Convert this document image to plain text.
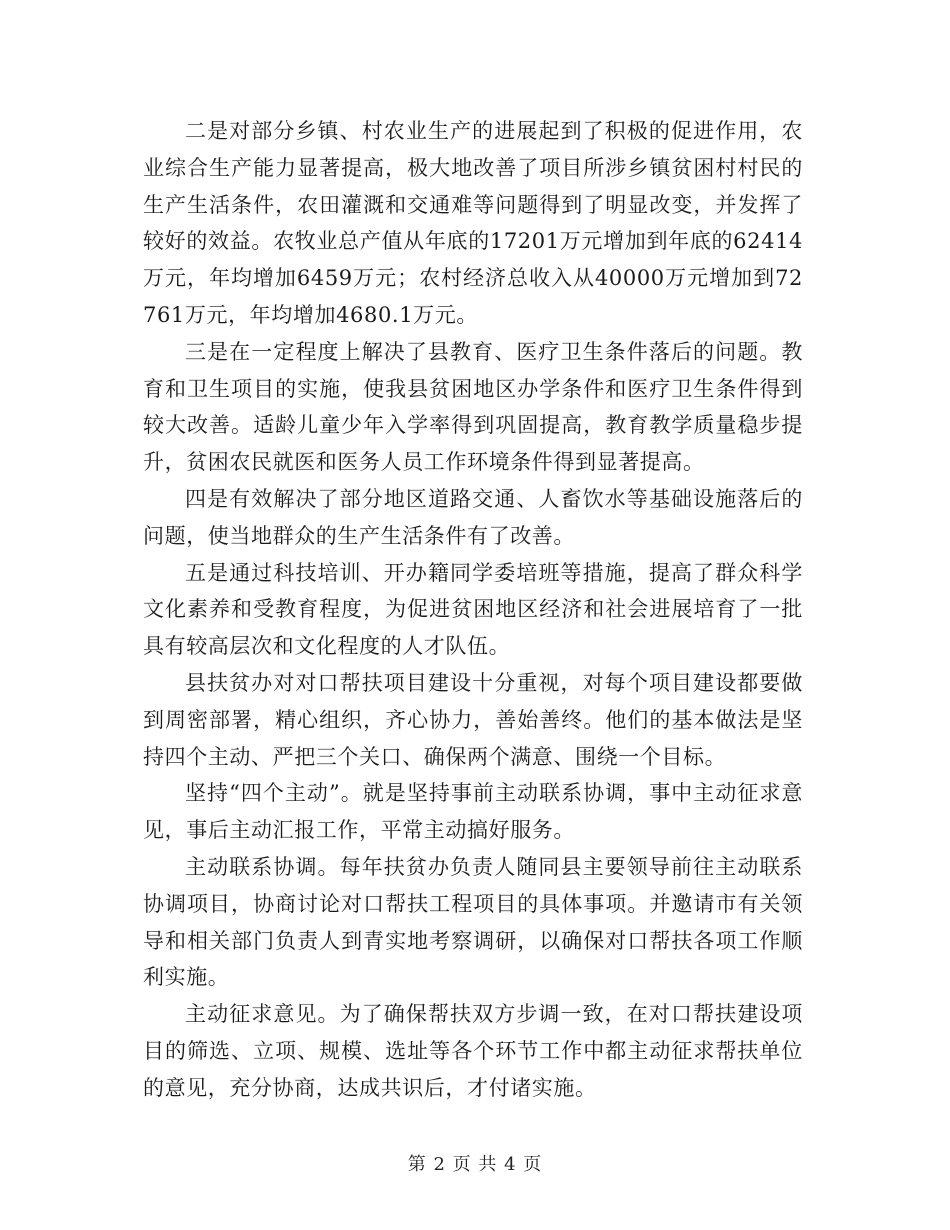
二是对部分乡镇、村农业生产的进展起到了积极的促进作用，农业综合生产能力显著提高，极大地改善了项目所涉乡镇贫困村村民的生产生活条件，农田灌溉和交通难等问题得到了明显改变，并发挥了较好的效益。农牧业总产值从年底的17201万元增加到年底的62414万元，年均增加6459万元；农村经济总收入从40000万元增加到72761万元，年均增加4680.1万元。

三是在一定程度上解决了县教育、医疗卫生条件落后的问题。教育和卫生项目的实施，使我县贫困地区办学条件和医疗卫生条件得到较大改善。适龄儿童少年入学率得到巩固提高，教育教学质量稳步提升，贫困农民就医和医务人员工作环境条件得到显著提高。

四是有效解决了部分地区道路交通、人畜饮水等基础设施落后的问题，使当地群众的生产生活条件有了改善。

五是通过科技培训、开办籍同学委培班等措施，提高了群众科学文化素养和受教育程度，为促进贫困地区经济和社会进展培育了一批具有较高层次和文化程度的人才队伍。

县扶贫办对对口帮扶项目建设十分重视，对每个项目建设都要做到周密部署，精心组织，齐心协力，善始善终。他们的基本做法是坚持四个主动、严把三个关口、确保两个满意、围绕一个目标。

坚持“四个主动”。就是坚持事前主动联系协调，事中主动征求意见，事后主动汇报工作，平常主动搞好服务。

主动联系协调。每年扶贫办负责人随同县主要领导前往主动联系协调项目，协商讨论对口帮扶工程项目的具体事项。并邀请市有关领导和相关部门负责人到青实地考察调研，以确保对口帮扶各项工作顺利实施。

主动征求意见。为了确保帮扶双方步调一致，在对口帮扶建设项目的筛选、立项、规模、选址等各个环节工作中都主动征求帮扶单位的意见，充分协商，达成共识后，才付诸实施。

第 2 页 共 4 页
